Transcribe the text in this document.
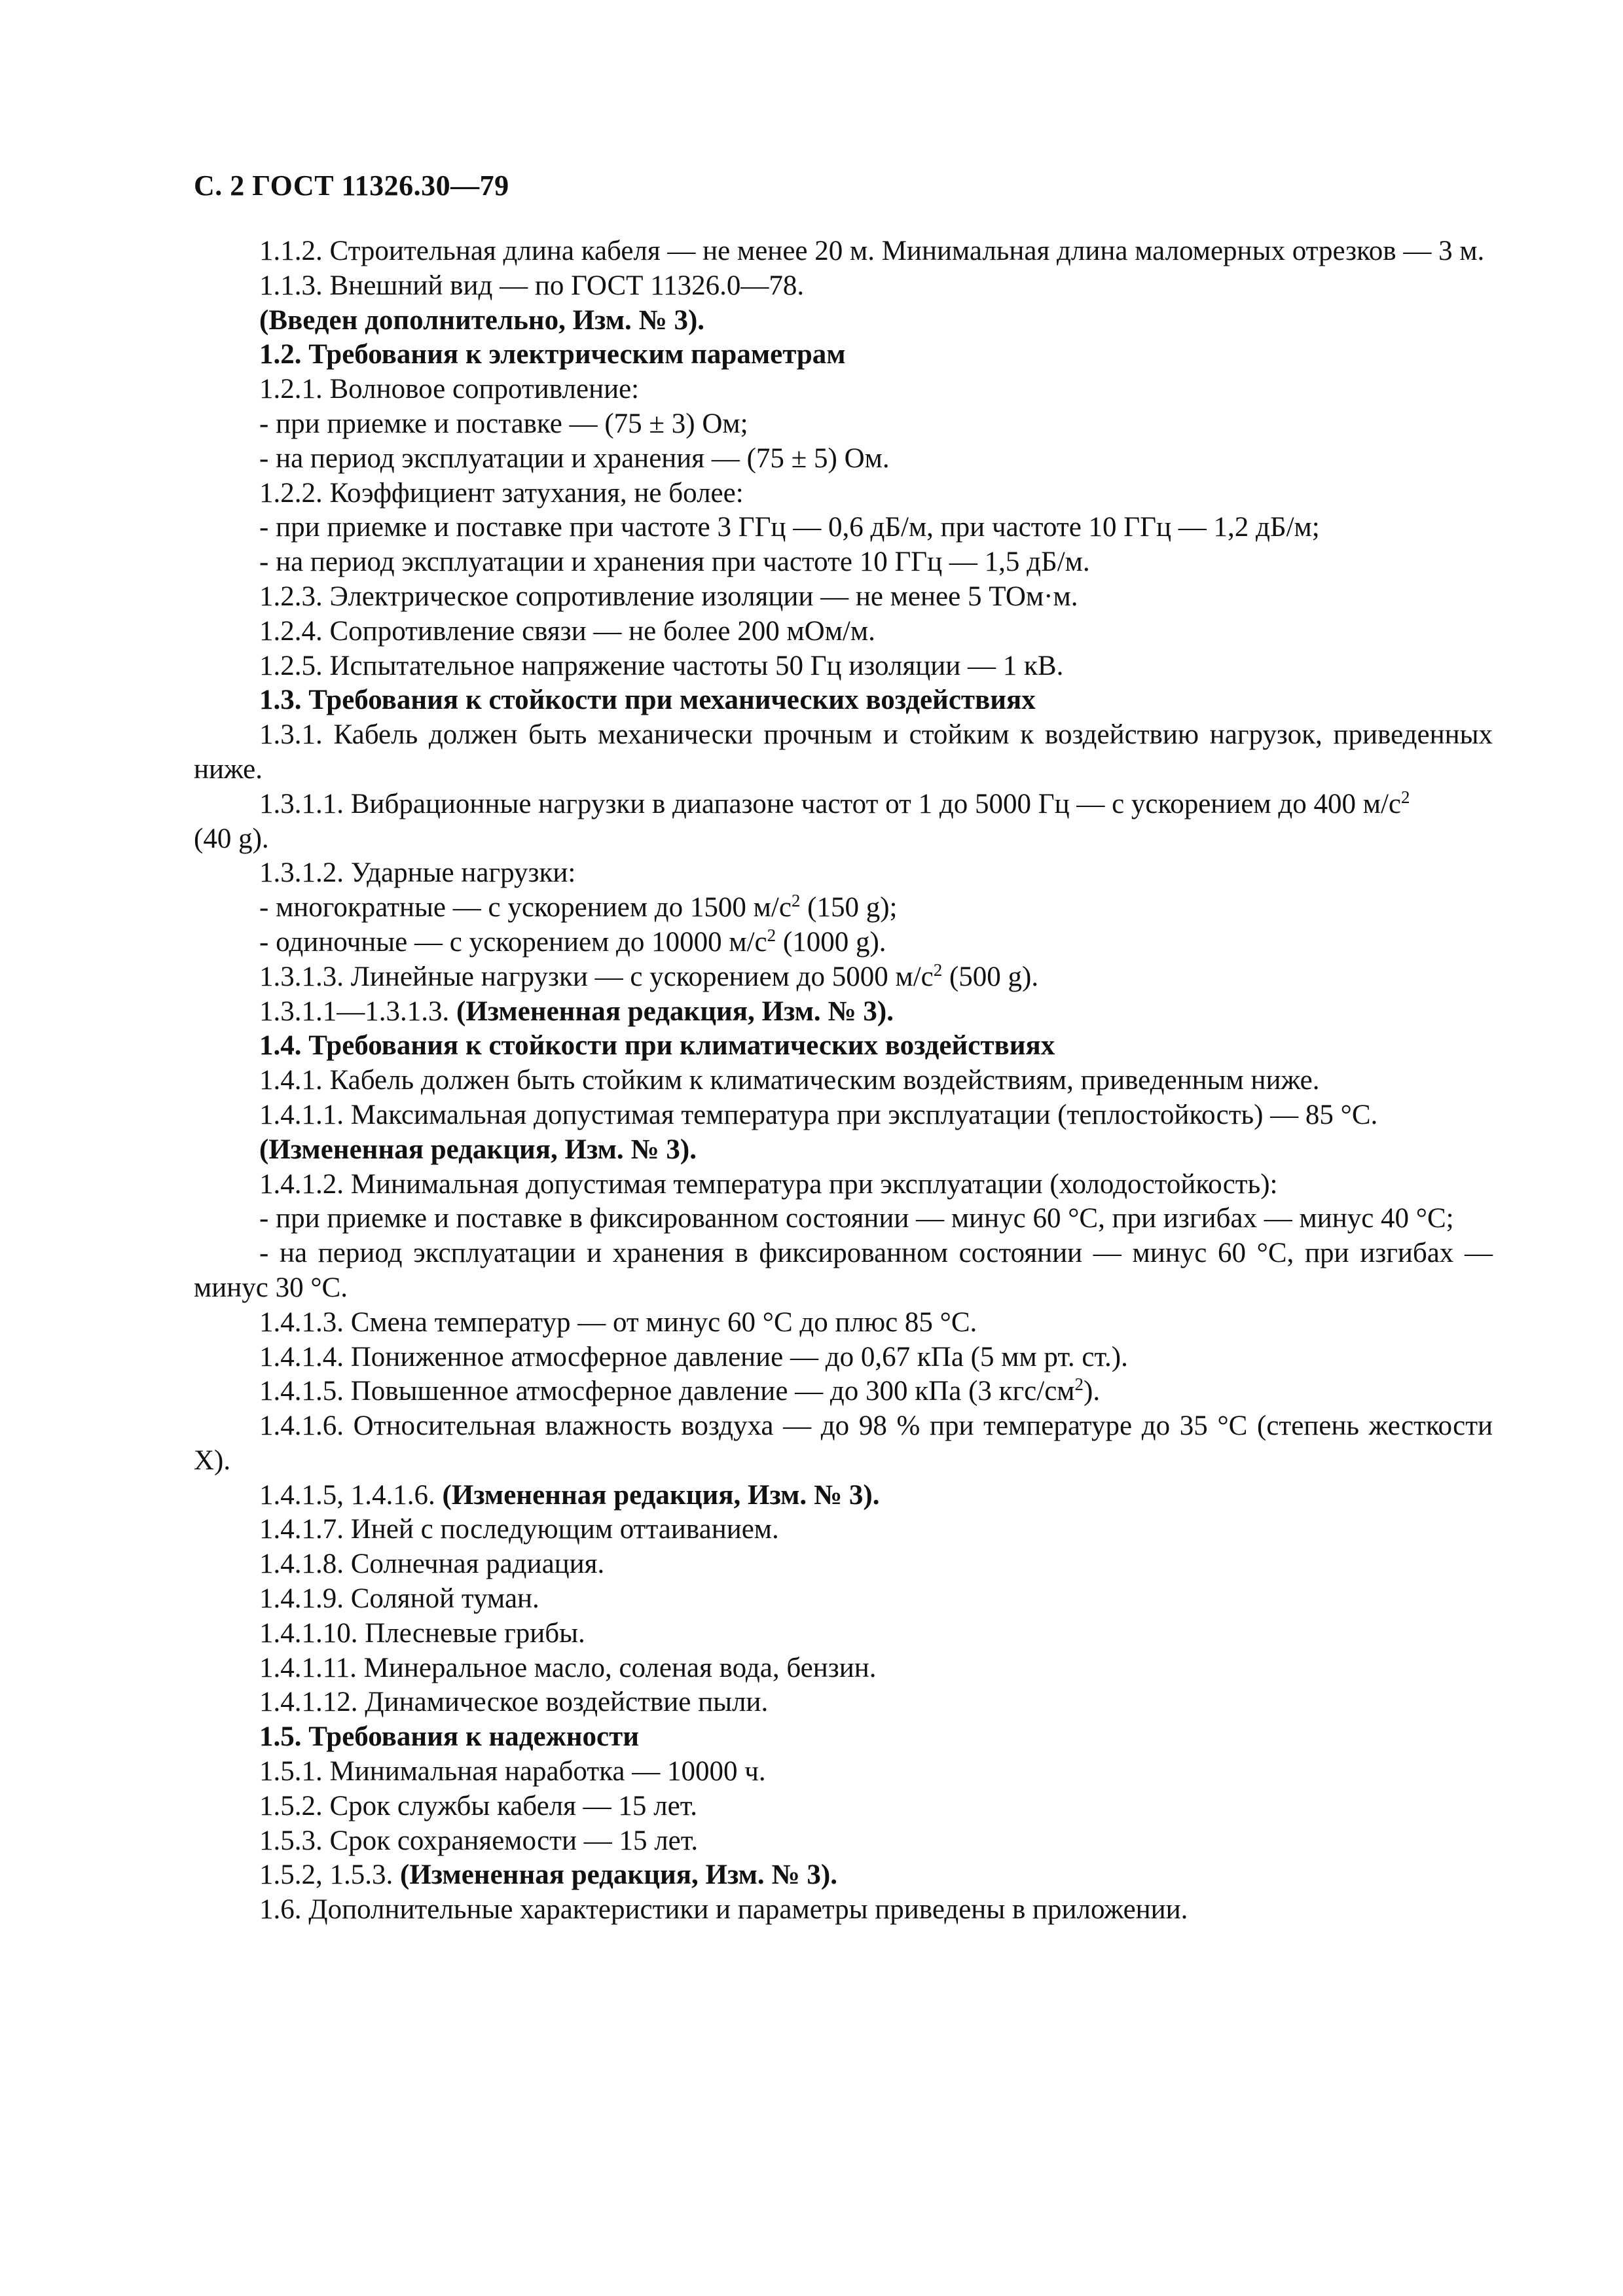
С. 2 ГОСТ 11326.30—79

1.1.2. Строительная длина кабеля — не менее 20 м. Минимальная длина маломерных отрезков — 3 м.

1.1.3. Внешний вид — по ГОСТ 11326.0—78.

(Введен дополнительно, Изм. № 3).

1.2. Требования к электрическим параметрам

1.2.1. Волновое сопротивление:

- при приемке и поставке — (75 ± 3) Ом;

- на период эксплуатации и хранения — (75 ± 5) Ом.

1.2.2. Коэффициент затухания, не более:

- при приемке и поставке при частоте 3 ГГц — 0,6 дБ/м, при частоте 10 ГГц — 1,2 дБ/м;

- на период эксплуатации и хранения при частоте 10 ГГц — 1,5 дБ/м.

1.2.3. Электрическое сопротивление изоляции — не менее 5 ТОм·м.

1.2.4. Сопротивление связи — не более 200 мОм/м.

1.2.5. Испытательное напряжение частоты 50 Гц изоляции — 1 кВ.

1.3. Требования к стойкости при механических воздействиях

1.3.1. Кабель должен быть механически прочным и стойким к воздействию нагрузок, приведенных ниже.

1.3.1.1. Вибрационные нагрузки в диапазоне частот от 1 до 5000 Гц — с ускорением до 400 $м/с^2$
(40 g).

1.3.1.2. Ударные нагрузки:

- многократные — с ускорением до 1500 $м/с^2$ (150 g);

- одиночные — с ускорением до 10000 $м/с^2$ (1000 g).

1.3.1.3. Линейные нагрузки — с ускорением до 5000 $м/с^2$ (500 g).

1.3.1.1—1.3.1.3. (Измененная редакция, Изм. № 3).

1.4. Требования к стойкости при климатических воздействиях

1.4.1. Кабель должен быть стойким к климатическим воздействиям, приведенным ниже.

1.4.1.1. Максимальная допустимая температура при эксплуатации (теплостойкость) — 85 °С.

(Измененная редакция, Изм. № 3).

1.4.1.2. Минимальная допустимая температура при эксплуатации (холодостойкость):

- при приемке и поставке в фиксированном состоянии — минус 60 °С, при изгибах — минус 40 °С;

- на период эксплуатации и хранения в фиксированном состоянии — минус 60 °С, при изгибах — минус 30 °С.

1.4.1.3. Смена температур — от минус 60 °С до плюс 85 °С.

1.4.1.4. Пониженное атмосферное давление — до 0,67 кПа (5 мм рт. ст.).

1.4.1.5. Повышенное атмосферное давление — до 300 кПа (3 кгс/$см^2$).

1.4.1.6. Относительная влажность воздуха — до 98 % при температуре до 35 °С (степень жесткости X).

1.4.1.5, 1.4.1.6. (Измененная редакция, Изм. № 3).

1.4.1.7. Иней с последующим оттаиванием.

1.4.1.8. Солнечная радиация.

1.4.1.9. Соляной туман.

1.4.1.10. Плесневые грибы.

1.4.1.11. Минеральное масло, соленая вода, бензин.

1.4.1.12. Динамическое воздействие пыли.

1.5. Требования к надежности

1.5.1. Минимальная наработка — 10000 ч.

1.5.2. Срок службы кабеля — 15 лет.

1.5.3. Срок сохраняемости — 15 лет.

1.5.2, 1.5.3. (Измененная редакция, Изм. № 3).

1.6. Дополнительные характеристики и параметры приведены в приложении.
